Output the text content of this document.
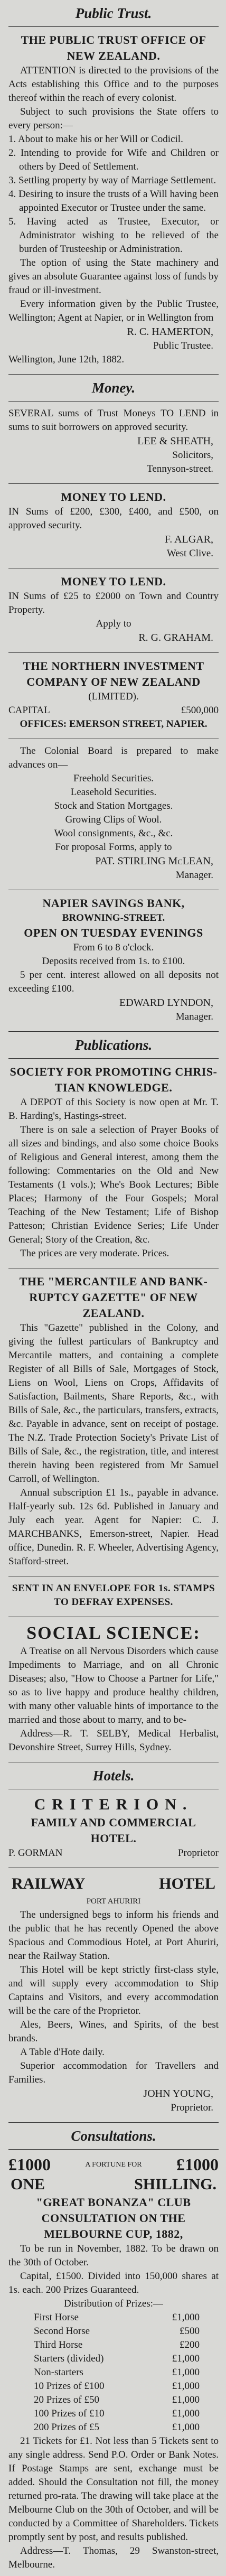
Public Trust.
THE PUBLIC TRUST OFFICE OF
NEW ZEALAND.

ATTENTION is directed to the provisions of the Acts establishing this Office and to the purposes thereof within the reach of every colonist.

Subject to such provisions the State offers to every person:—

1. About to make his or her Will or Codicil.

2. Intending to provide for Wife and Children or others by Deed of Settlement.

3. Settling property by way of Marriage Settlement.

4. Desiring to insure the trusts of a Will having been appointed Executor or Trustee under the same.

5. Having acted as Trustee, Executor, or Administrator wishing to be relieved of the burden of Trusteeship or Administration.

The option of using the State machinery and gives an absolute Guarantee against loss of funds by fraud or ill-investment.

Every information given by the Public Trustee, Wellington; Agent at Napier, or in Wellington from

R. C. HAMERTON,
Public Trustee.
Wellington, June 12th, 1882.
Money.

SEVERAL sums of Trust Moneys TO LEND in sums to suit borrowers on approved security.

LEE & SHEATH,
Solicitors,
Tennyson-street.
MONEY TO LEND.

IN Sums of £200, £300, £400, and £500, on approved security.

F. ALGAR,
West Clive.
MONEY TO LEND.

IN Sums of £25 to £2000 on Town and Country Property.

Apply to
R. G. GRAHAM.
THE NORTHERN INVESTMENT
COMPANY OF NEW ZEALAND
(LIMITED).
CAPITAL	£500,000
OFFICES: EMERSON STREET, NAPIER.

The Colonial Board is prepared to make advances on—

Freehold Securities.
Leasehold Securities.
Stock and Station Mortgages.
Growing Clips of Wool.
Wool consignments, &c., &c.
For proposal Forms, apply to
PAT. STIRLING McLEAN,
Manager.
NAPIER SAVINGS BANK,
BROWNING-STREET.
OPEN ON TUESDAY EVENINGS
From 6 to 8 o'clock.
Deposits received from 1s. to £100.

5 per cent. interest allowed on all deposits not exceeding £100.

EDWARD LYNDON,
Manager.
Publications.
SOCIETY FOR PROMOTING CHRIS-
TIAN KNOWLEDGE.

A DEPOT of this Society is now open at Mr. T. B. Harding's, Hastings-street.

There is on sale a selection of Prayer Books of all sizes and bindings, and also some choice Books of Religious and General interest, among them the following: Commentaries on the Old and New Testaments (1 vols.); Whe's Book Lectures; Bible Places; Harmony of the Four Gospels; Moral Teaching of the New Testament; Life of Bishop Patteson; Christian Evidence Series; Life Under General; Story of the Creation, &c.

The prices are very moderate. Prices.

THE "MERCANTILE AND BANK-
RUPTCY GAZETTE" OF NEW
ZEALAND.

This "Gazette" published in the Colony, and giving the fullest particulars of Bankruptcy and Mercantile matters, and containing a complete Register of all Bills of Sale, Mortgages of Stock, Liens on Wool, Liens on Crops, Affidavits of Satisfaction, Bailments, Share Reports, &c., with Bills of Sale, &c., the particulars, transfers, extracts, &c. Payable in advance, sent on receipt of postage. The N.Z. Trade Protection Society's Private List of Bills of Sale, &c., the registration, title, and interest therein having been registered from Mr Samuel Carroll, of Wellington.

Annual subscription £1 1s., payable in advance. Half-yearly sub. 12s 6d. Published in January and July each year. Agent for Napier: C. J. MARCHBANKS, Emerson-street, Napier. Head office, Dunedin. R. F. Wheeler, Advertising Agency, Stafford-street.

SENT IN AN ENVELOPE FOR 1s. STAMPS TO DEFRAY EXPENSES.
SOCIAL SCIENCE:

A Treatise on all Nervous Disorders which cause Impediments to Marriage, and on all Chronic Diseases; also, "How to Choose a Partner for Life," so as to live happy and produce healthy children, with many other valuable hints of importance to the married and those about to marry, and to be-

Address—R. T. SELBY, Medical Herbalist, Devonshire Street, Surrey Hills, Sydney.

Hotels.
CRITERION.
FAMILY AND COMMERCIAL
HOTEL.
P. GORMAN	Proprietor
RAILWAY	HOTEL
PORT AHURIRI

The undersigned begs to inform his friends and the public that he has recently Opened the above Spacious and Commodious Hotel, at Port Ahuriri, near the Railway Station.

This Hotel will be kept strictly first-class style, and will supply every accommodation to Ship Captains and Visitors, and every accommodation will be the care of the Proprietor.

Ales, Beers, Wines, and Spirits, of the best brands.

A Table d'Hote daily.

Superior accommodation for Travellers and Families.

JOHN YOUNG,
Proprietor.
Consultations.
£1000	A FORTUNE FOR £1000
ONE	SHILLING.
"GREAT BONANZA" CLUB
CONSULTATION ON THE
MELBOURNE CUP, 1882,

To be run in November, 1882. To be drawn on the 30th of October.

Capital, £1500. Divided into 150,000 shares at 1s. each. 200 Prizes Guaranteed.

Distribution of Prizes:—
First Horse	£1,000
Second Horse	£500
Third Horse	£200
Starters (divided)	£1,000
Non-starters	£1,000
10 Prizes of £100	£1,000
20 Prizes of £50	£1,000
100 Prizes of £10	£1,000
200 Prizes of £5	£1,000

21 Tickets for £1. Not less than 5 Tickets sent to any single address. Send P.O. Order or Bank Notes. If Postage Stamps are sent, exchange must be added. Should the Consultation not fill, the money returned pro-rata. The drawing will take place at the Melbourne Club on the 30th of October, and will be conducted by a Committee of Shareholders. Tickets promptly sent by post, and results published.

Address—T. Thomas, 29 Swanston-street, Melbourne.
